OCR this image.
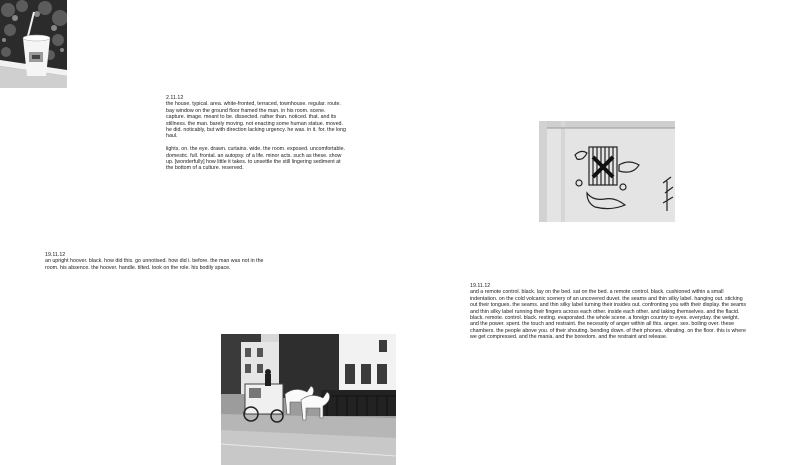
2.11.12

the house. typical. area. white-fronted, terraced, townhouse. regular. route. bay window on the ground floor framed the man. in his room. scene. capture. image. meant to be. dissected. rather than. noticed. that. and its stillness. the man. barely moving. not enacting some human statue. moved. he did. noticably, but with direction lacking urgency. he was. in it. for. the long haul.

lights. on. the eye. drawn. curtains. wide. the room. exposed. uncomfortable. domestic. full. frontal. an autopsy. of a life. minor acts. such as these. show up. [wonderfully] how little it takes. to unsettle the still lingering sediment at the bottom of a culture. reserved.

19.11.12

an upright hoover. black. how did this. go unnotised. how did i. before. the man was not in the room. his absence. the hoover. handle. tilted. took on the role. his bodily space.

19.11.12

and a remote control. black. lay on the bed. sat on the bed. a remote control. black. cushioned within a small indentation. on the cold volcanic scenery of an uncovered duvet. the seams and thin silky label. hanging out. sticking out their tongues. the seams. and thin silky label turning their insides out. confronting you with their display. the seams and thin silky label running their fingers across each other. inside each other. and taking themselves. and the flacid. black. remote. control. black. resting. evaporated. the whole scene. a foreign country to eyes. everyday. the weight. and the power. spent. the touch and restraint. the necessity of anger within all this. anger. sex. boiling over. these chambers. the people above you. of their shouting. bending down. of their phones. vibrating. on the floor. this is where we get compressed. and the mania. and the boredom. and the restraint and release.
